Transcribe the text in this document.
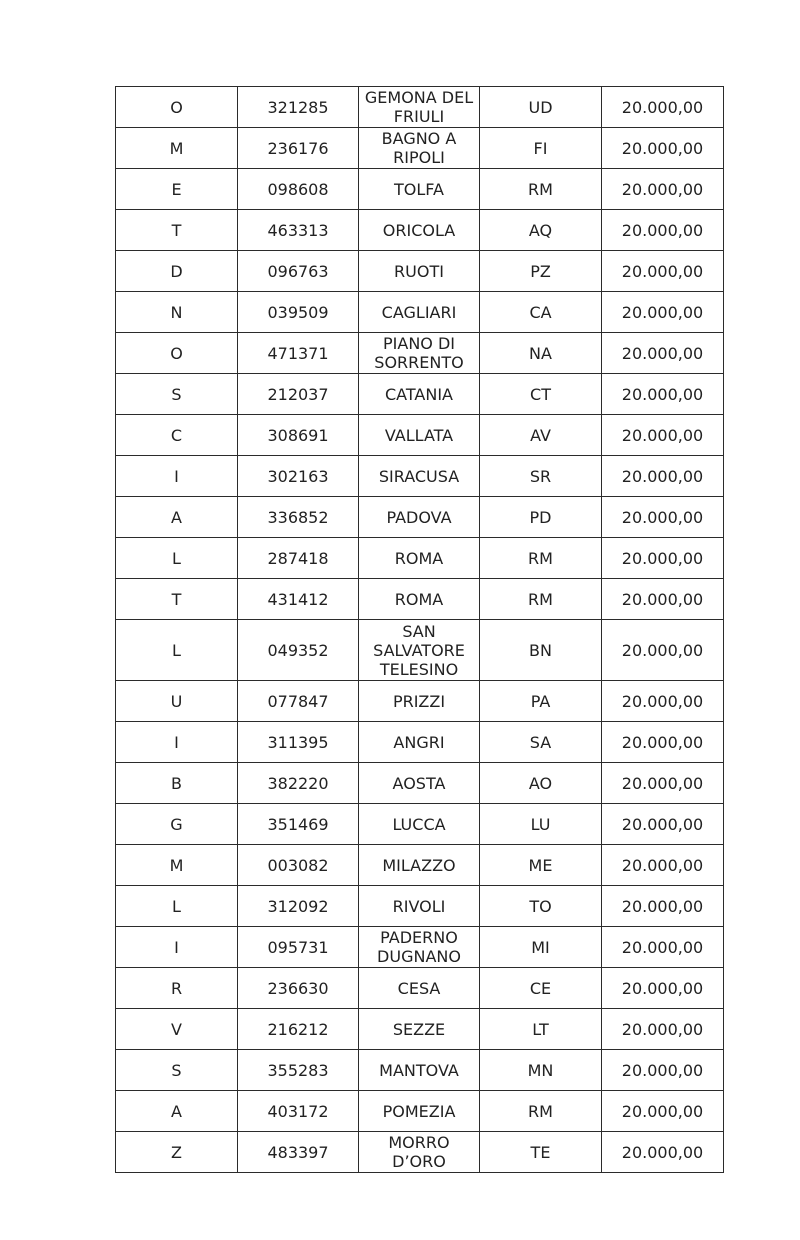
O	321285	GEMONA DEL FRIULI	UD	20.000,00
M	236176	BAGNO A RIPOLI	FI	20.000,00
E	098608	TOLFA	RM	20.000,00
T	463313	ORICOLA	AQ	20.000,00
D	096763	RUOTI	PZ	20.000,00
N	039509	CAGLIARI	CA	20.000,00
O	471371	PIANO DI SORRENTO	NA	20.000,00
S	212037	CATANIA	CT	20.000,00
C	308691	VALLATA	AV	20.000,00
I	302163	SIRACUSA	SR	20.000,00
A	336852	PADOVA	PD	20.000,00
L	287418	ROMA	RM	20.000,00
T	431412	ROMA	RM	20.000,00
L	049352	SAN SALVATORE TELESINO	BN	20.000,00
U	077847	PRIZZI	PA	20.000,00
I	311395	ANGRI	SA	20.000,00
B	382220	AOSTA	AO	20.000,00
G	351469	LUCCA	LU	20.000,00
M	003082	MILAZZO	ME	20.000,00
L	312092	RIVOLI	TO	20.000,00
I	095731	PADERNO DUGNANO	MI	20.000,00
R	236630	CESA	CE	20.000,00
V	216212	SEZZE	LT	20.000,00
S	355283	MANTOVA	MN	20.000,00
A	403172	POMEZIA	RM	20.000,00
Z	483397	MORRO D’ORO	TE	20.000,00
